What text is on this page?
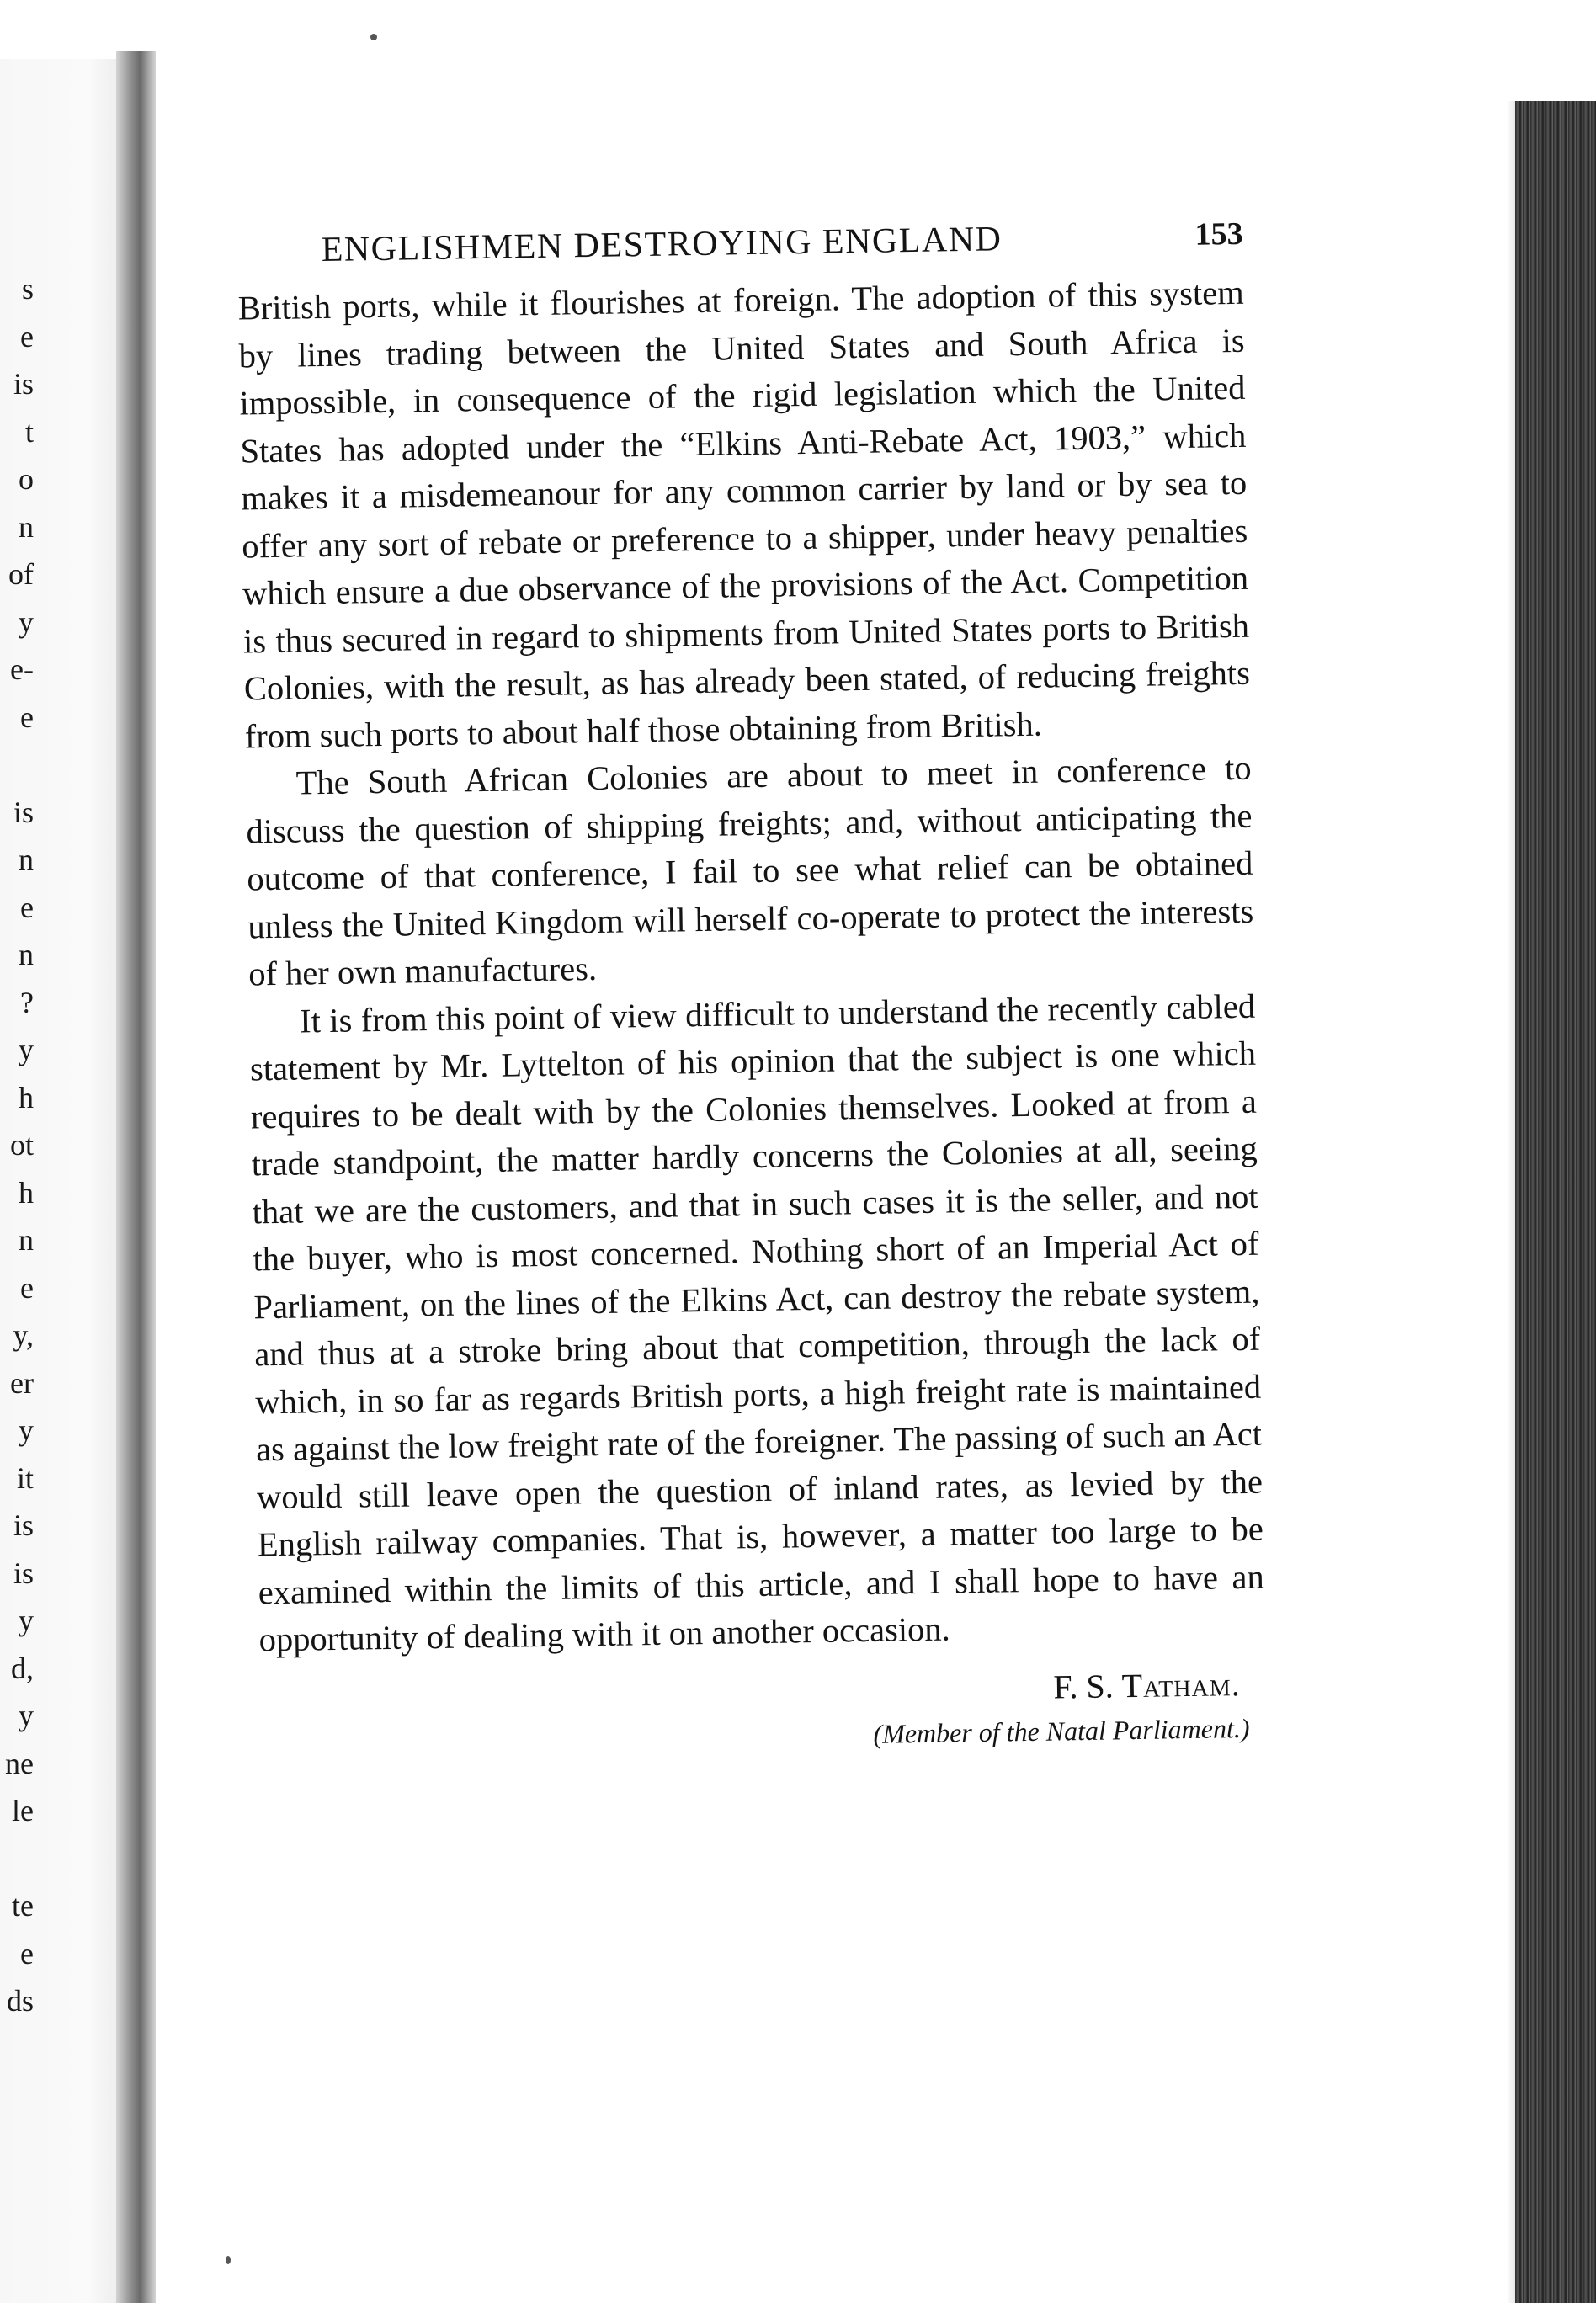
s
e
is
t
o
n
of
y
e-
e
is
n
e
n
?
y
h
ot
h
n
e
y,
er
y
it
is
is
y
d,
y
ne
le
te
e
ds
ENGLISHMEN DESTROYING ENGLAND	153

British ports, while it flourishes at foreign. The adoption of this system by lines trading between the United States and South Africa is impossible, in consequence of the rigid legislation which the United States has adopted under the “Elkins Anti-Rebate Act, 1903,” which makes it a misdemeanour for any common carrier by land or by sea to offer any sort of rebate or preference to a shipper, under heavy penalties which ensure a due observance of the provisions of the Act. Competition is thus secured in regard to shipments from United States ports to British Colonies, with the result, as has already been stated, of reducing freights from such ports to about half those obtaining from British.

The South African Colonies are about to meet in conference to discuss the question of shipping freights; and, without anticipating the outcome of that conference, I fail to see what relief can be obtained unless the United Kingdom will herself co-operate to protect the interests of her own manufactures.

It is from this point of view difficult to understand the recently cabled statement by Mr. Lyttelton of his opinion that the subject is one which requires to be dealt with by the Colonies themselves. Looked at from a trade standpoint, the matter hardly concerns the Colonies at all, seeing that we are the customers, and that in such cases it is the seller, and not the buyer, who is most concerned. Nothing short of an Imperial Act of Parliament, on the lines of the Elkins Act, can destroy the rebate system, and thus at a stroke bring about that competition, through the lack of which, in so far as regards British ports, a high freight rate is maintained as against the low freight rate of the foreigner. The passing of such an Act would still leave open the question of inland rates, as levied by the English railway companies. That is, however, a matter too large to be examined within the limits of this article, and I shall hope to have an opportunity of dealing with it on another occasion.

F. S. Tatham.
(Member of the Natal Parliament.)
